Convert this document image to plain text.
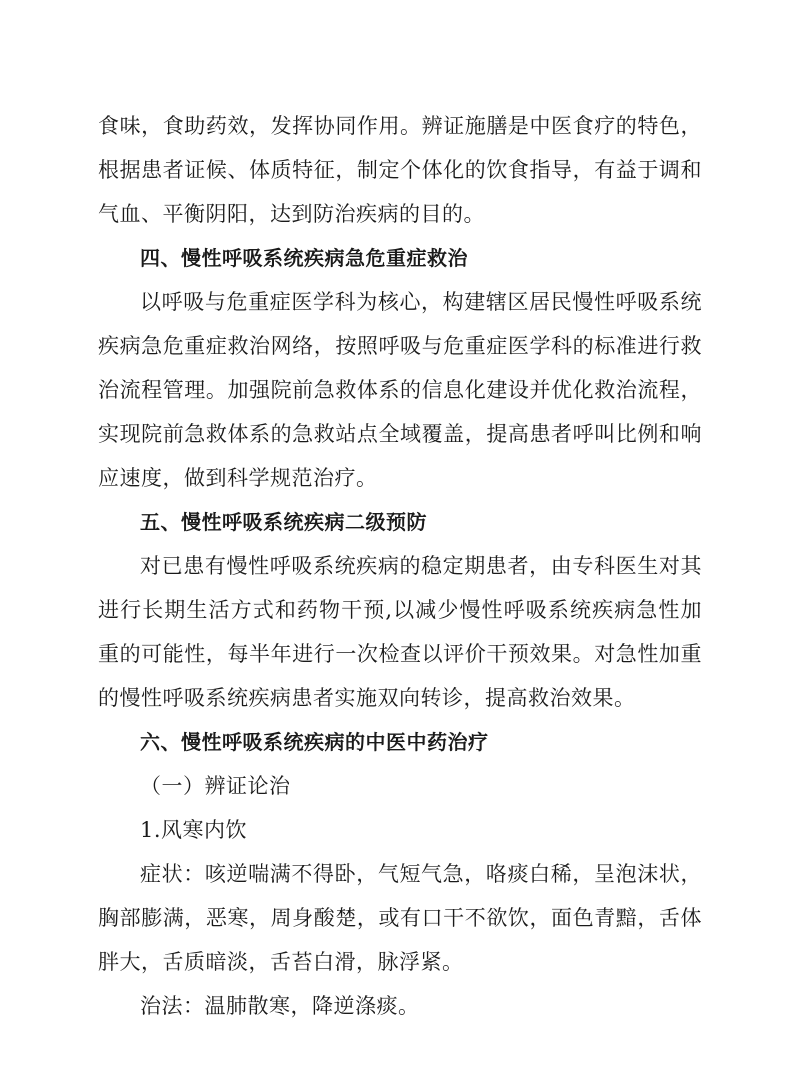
食味，食助药效，发挥协同作用。辨证施膳是中医食疗的特色，
根据患者证候、体质特征，制定个体化的饮食指导，有益于调和
气血、平衡阴阳，达到防治疾病的目的。
四、慢性呼吸系统疾病急危重症救治
以呼吸与危重症医学科为核心，构建辖区居民慢性呼吸系统
疾病急危重症救治网络，按照呼吸与危重症医学科的标准进行救
治流程管理。加强院前急救体系的信息化建设并优化救治流程，
实现院前急救体系的急救站点全域覆盖，提高患者呼叫比例和响
应速度，做到科学规范治疗。
五、慢性呼吸系统疾病二级预防
对已患有慢性呼吸系统疾病的稳定期患者，由专科医生对其
进行长期生活方式和药物干预,以减少慢性呼吸系统疾病急性加
重的可能性，每半年进行一次检查以评价干预效果。对急性加重
的慢性呼吸系统疾病患者实施双向转诊，提高救治效果。
六、慢性呼吸系统疾病的中医中药治疗
（一）辨证论治
1.风寒内饮
症状：咳逆喘满不得卧，气短气急，咯痰白稀，呈泡沫状，
胸部膨满，恶寒，周身酸楚，或有口干不欲饮，面色青黯，舌体
胖大，舌质暗淡，舌苔白滑，脉浮紧。
治法：温肺散寒，降逆涤痰。
